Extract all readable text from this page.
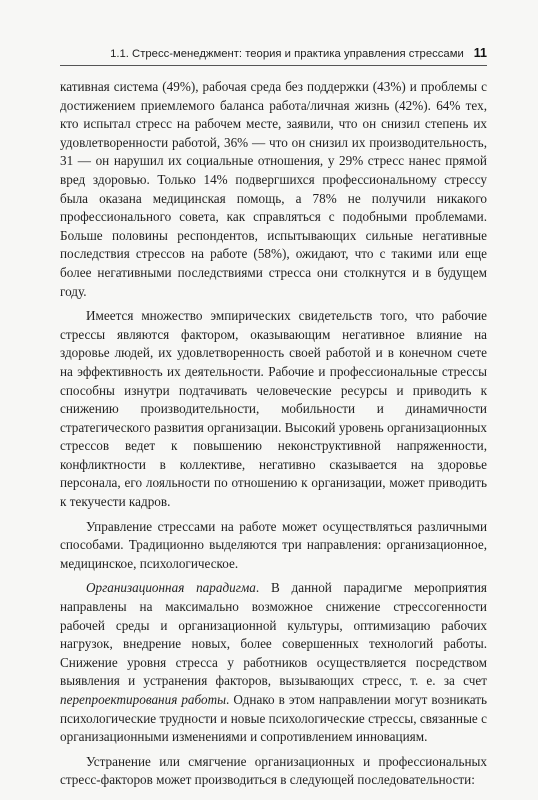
1.1. Стресс-менеджмент: теория и практика управления стрессами 11

кативная система (49%), рабочая среда без поддержки (43%) и проблемы с достижением приемлемого баланса работа/личная жизнь (42%). 64% тех, кто испытал стресс на рабочем месте, заявили, что он снизил степень их удовлетворенности работой, 36% — что он снизил их производительность, 31 — он нарушил их социальные отношения, у 29% стресс нанес прямой вред здоровью. Только 14% подвергшихся профессиональному стрессу была оказана медицинская помощь, а 78% не получили никакого профессионального совета, как справляться с подобными проблемами. Больше половины респондентов, испытывающих сильные негативные последствия стрессов на работе (58%), ожидают, что с такими или еще более негативными последствиями стресса они столкнутся и в будущем году.

Имеется множество эмпирических свидетельств того, что рабочие стрессы являются фактором, оказывающим негативное влияние на здоровье людей, их удовлетворенность своей работой и в конечном счете на эффективность их деятельности. Рабочие и профессиональные стрессы способны изнутри подтачивать человеческие ресурсы и приводить к снижению производительности, мобильности и динамичности стратегического развития организации. Высокий уровень организационных стрессов ведет к повышению неконструктивной напряженности, конфликтности в коллективе, негативно сказывается на здоровье персонала, его лояльности по отношению к организации, может приводить к текучести кадров.

Управление стрессами на работе может осуществляться различными способами. Традиционно выделяются три направления: организационное, медицинское, психологическое.

Организационная парадигма. В данной парадигме мероприятия направлены на максимально возможное снижение стрессогенности рабочей среды и организационной культуры, оптимизацию рабочих нагрузок, внедрение новых, более совершенных технологий работы. Снижение уровня стресса у работников осуществляется посредством выявления и устранения факторов, вызывающих стресс, т. е. за счет перепроектирования работы. Однако в этом направлении могут возникать психологические трудности и новые психологические стрессы, связанные с организационными изменениями и сопротивлением инновациям.

Устранение или смягчение организационных и профессиональных стресс-факторов может производиться в следующей последовательности:
